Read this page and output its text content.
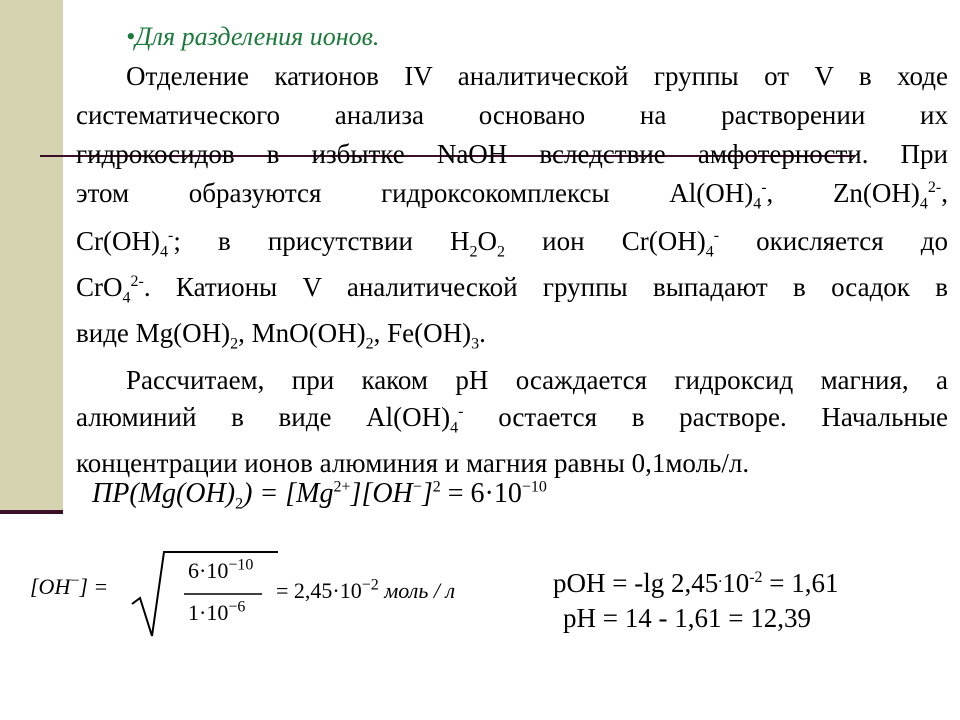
•Для разделения ионов.
Отделение катионов IV аналитической группы от V в ходе
систематического анализа основано на растворении их
гидрокосидов в избытке NaOH вследствие амфотерности. При
этом образуются гидроксокомплексы $Al(OH)_4^-$, $Zn(OH)_4^{2-}$,
$Cr(OH)_4^-$; в присутствии $H_2O_2$ ион $Cr(OH)_4^-$ окисляется до
CrO$_4^{2-}$. Катионы V аналитической группы выпадают в осадок в
виде $Mg(OH)_2$, $MnO(OH)_2$, $Fe(OH)_3$.
Рассчитаем, при каком pH осаждается гидроксид магния, а
алюминий в виде $Al(OH)_4^-$ остается в растворе. Начальные
концентрации ионов алюминия и магния равны 0,1моль/л.
$ПР(Mg(OH)_2) = [Mg^{2+}][OH^-]^2 = 6\cdot 10^{-10}$
[OH−] =
$6\cdot 10^{-10}$
$1\cdot 10^{-6}$
= $2,45\cdot 10^{-2}$ моль / л	pOH = -lg $2,45^.10^{-2} = 1,61$
pH = 14 - 1,61 = 12,39
